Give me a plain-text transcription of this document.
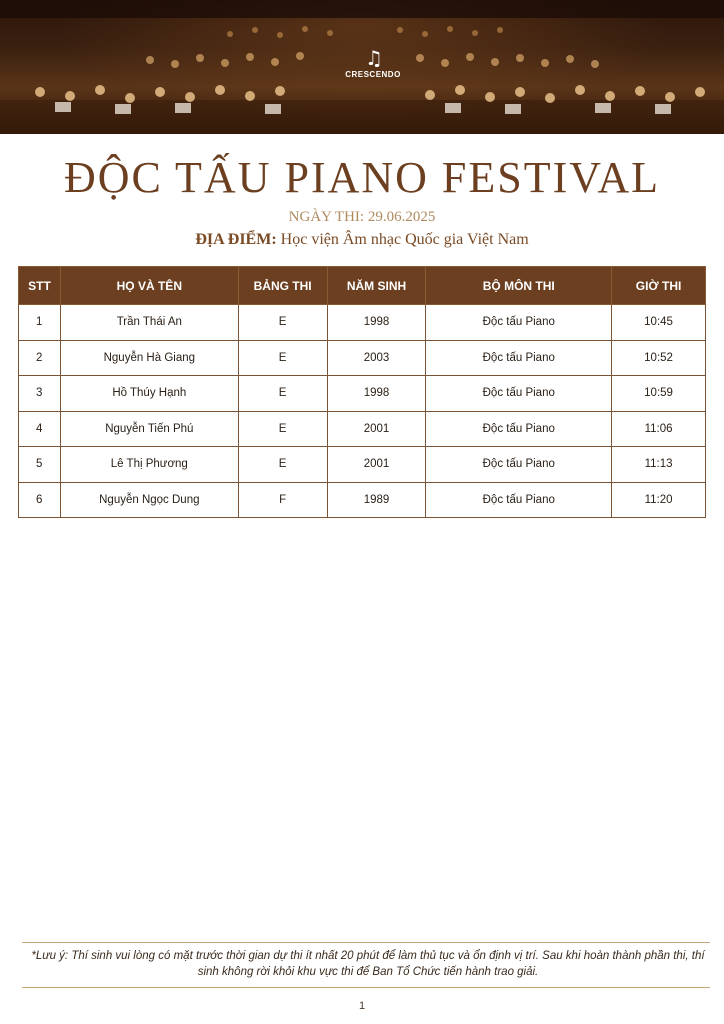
♫
CRESCENDO
ĐỘC TẤU PIANO FESTIVAL
NGÀY THI: 29.06.2025
ĐỊA ĐIỂM: Học viện Âm nhạc Quốc gia Việt Nam
STT	HỌ VÀ TÊN	BẢNG THI	NĂM SINH	BỘ MÔN THI	GIỜ THI
1	Trần Thái An	E	1998	Độc tấu Piano	10:45
2	Nguyễn Hà Giang	E	2003	Độc tấu Piano	10:52
3	Hồ Thúy Hạnh	E	1998	Độc tấu Piano	10:59
4	Nguyễn Tiến Phú	E	2001	Độc tấu Piano	11:06
5	Lê Thị Phương	E	2001	Độc tấu Piano	11:13
6	Nguyễn Ngọc Dung	F	1989	Độc tấu Piano	11:20
*Lưu ý: Thí sinh vui lòng có mặt trước thời gian dự thi ít nhất 20 phút để làm thủ tục và ổn định vị trí. Sau khi hoàn thành phần thi, thí sinh không rời khỏi khu vực thi để Ban Tổ Chức tiến hành trao giải.
1
